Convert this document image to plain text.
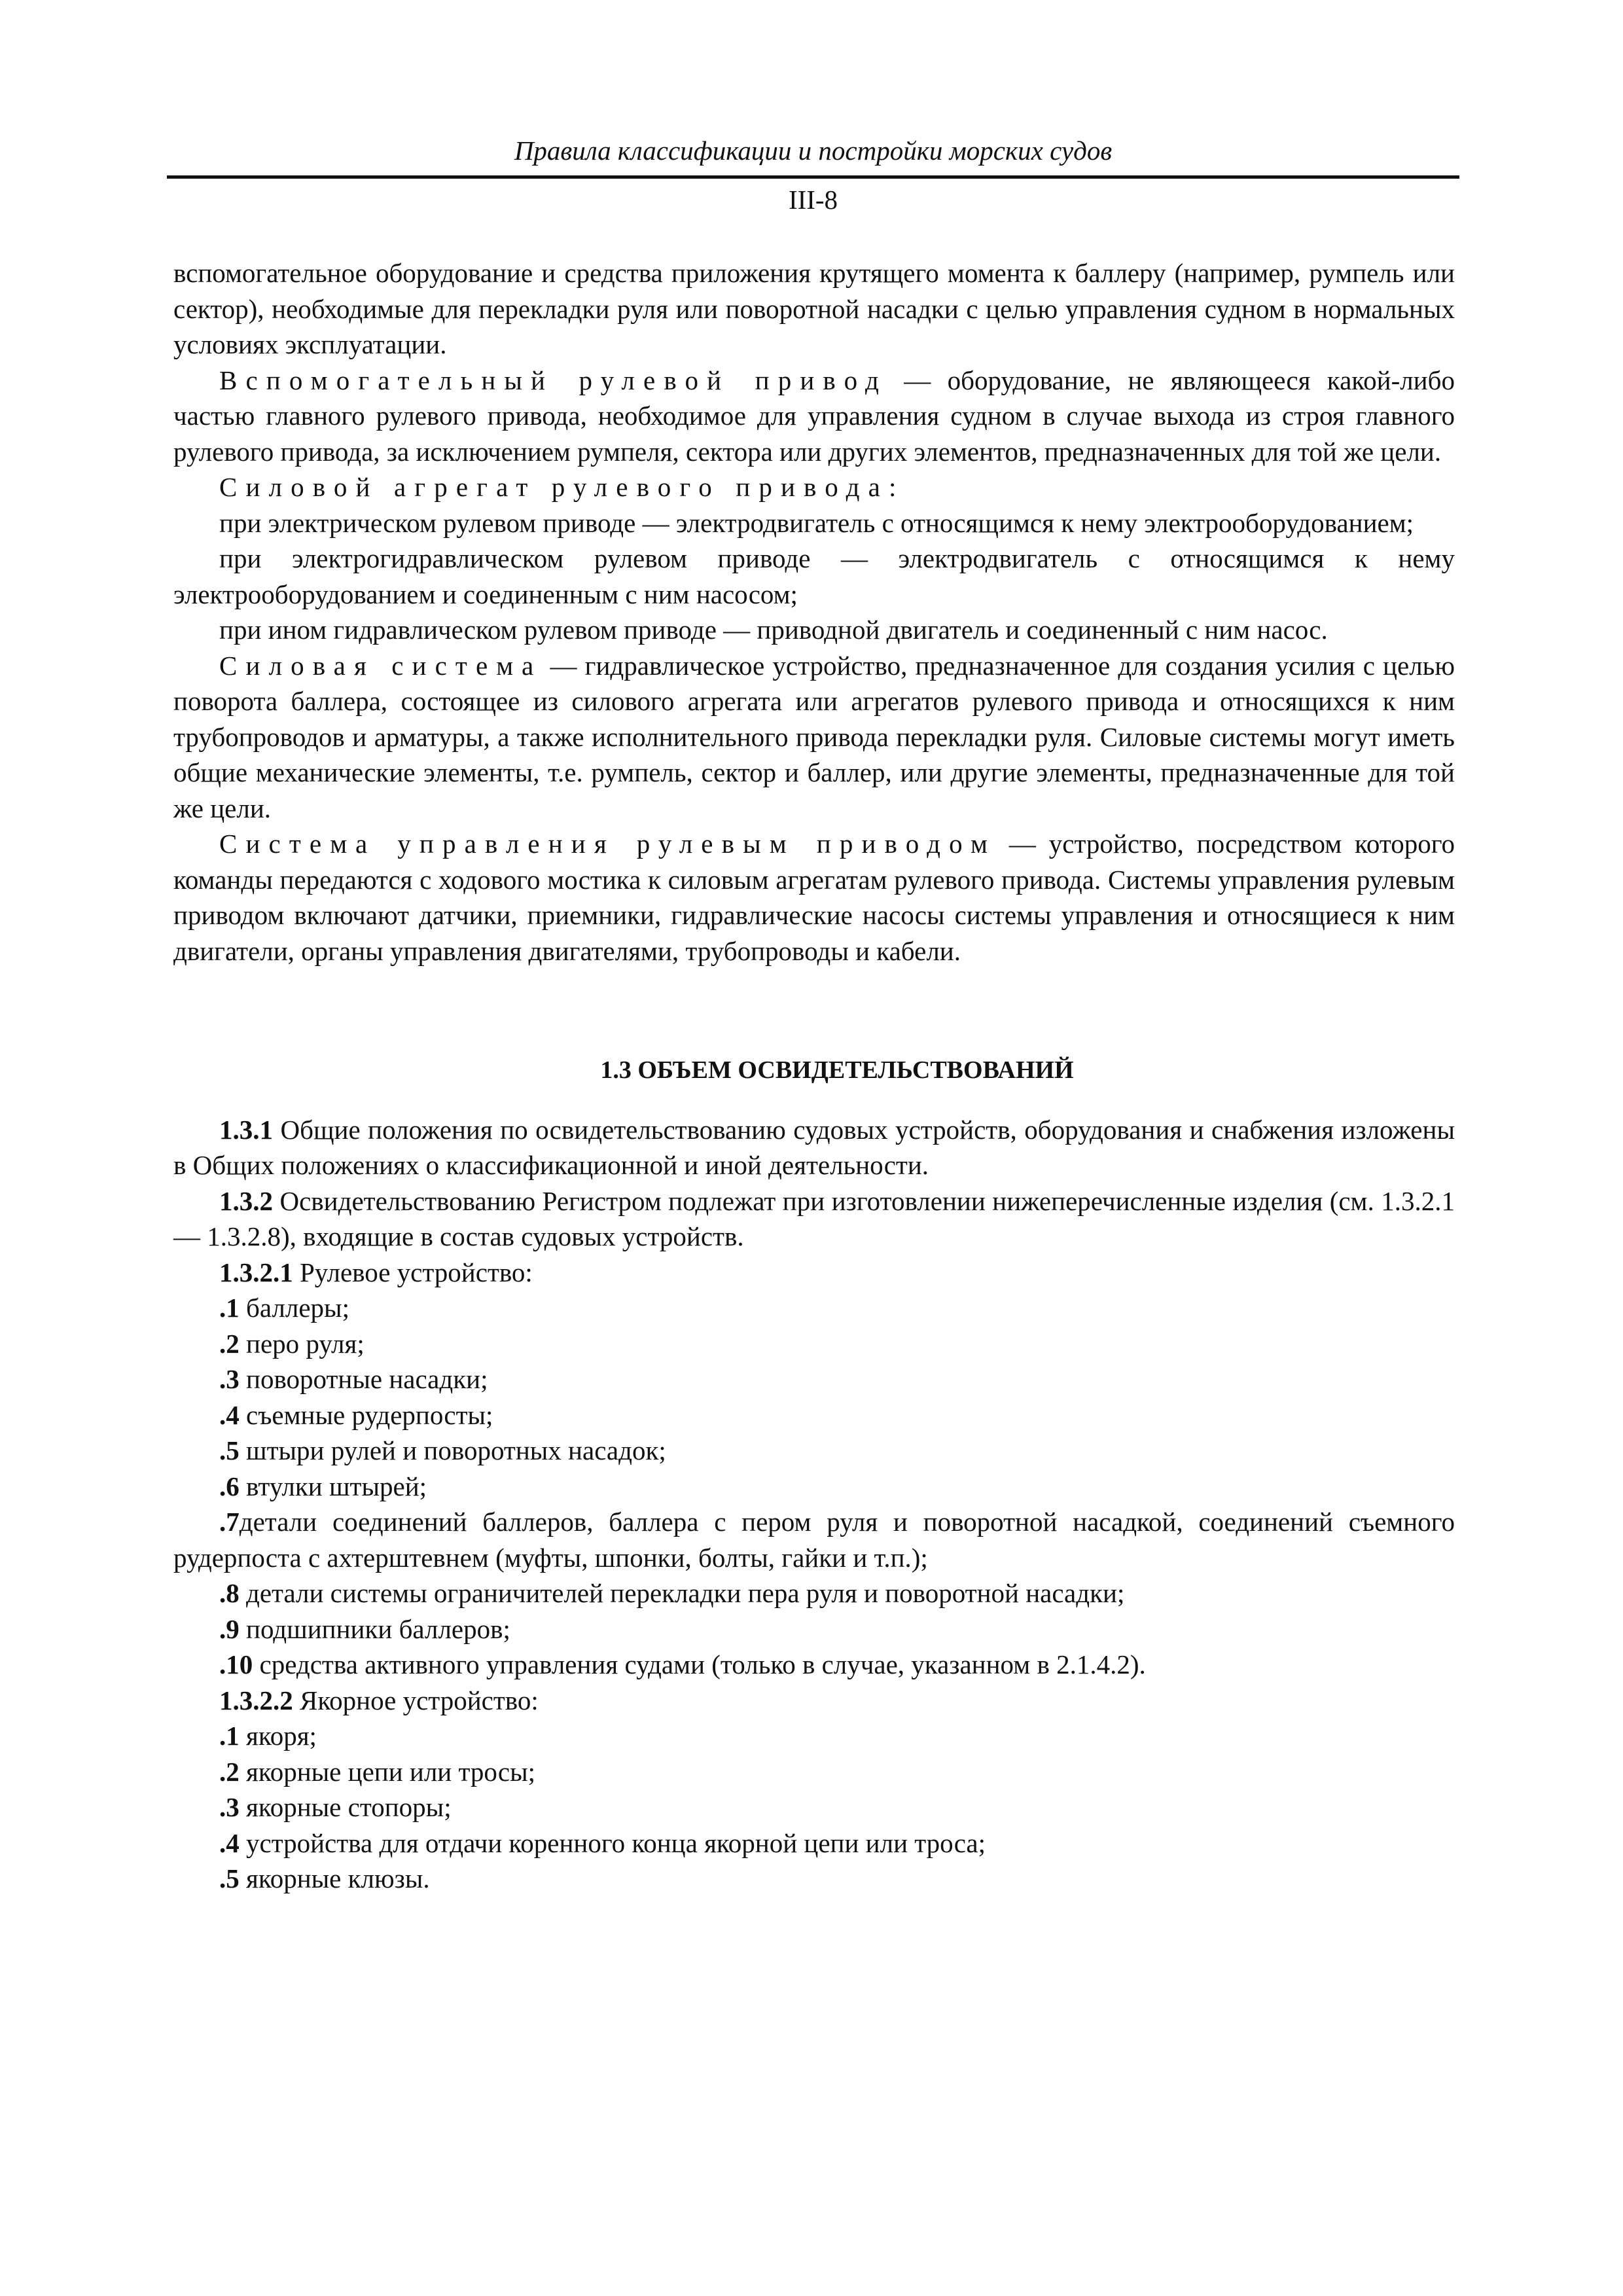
Правила классификации и постройки морских судов
III-8

вспомогательное оборудование и средства приложения крутящего момента к баллеру (например, румпель или сектор), необходимые для перекладки руля или поворотной насадки с целью управления судном в нормальных условиях эксплуатации.

Вспомогательный рулевой привод — оборудование, не являющееся какой-либо частью главного рулевого привода, необходимое для управления судном в случае выхода из строя главного рулевого привода, за исключением румпеля, сектора или других элементов, предназначенных для той же цели.

Силовой агрегат рулевого привода:

при электрическом рулевом приводе — электродвигатель с относящимся к нему электрооборудованием;

при электрогидравлическом рулевом приводе — электродвигатель с относящимся к нему электрооборудованием и соединенным с ним насосом;

при ином гидравлическом рулевом приводе — приводной двигатель и соединенный с ним насос.

Силовая система — гидравлическое устройство, предназначенное для создания усилия с целью поворота баллера, состоящее из силового агрегата или агрегатов рулевого привода и относящихся к ним трубопроводов и арматуры, а также исполнительного привода перекладки руля. Силовые системы могут иметь общие механические элементы, т.е. румпель, сектор и баллер, или другие элементы, предназначенные для той же цели.

Система управления рулевым приводом — устройство, посредством которого команды передаются с ходового мостика к силовым агрегатам рулевого привода. Системы управления рулевым приводом включают датчики, приемники, гидравлические насосы системы управления и относящиеся к ним двигатели, органы управления двигателями, трубопроводы и кабели.

1.3 ОБЪЕМ ОСВИДЕТЕЛЬСТВОВАНИЙ

1.3.1 Общие положения по освидетельствованию судовых устройств, оборудования и снабжения изложены в Общих положениях о классификационной и иной деятельности.

1.3.2 Освидетельствованию Регистром подлежат при изготовлении нижеперечисленные изделия (см. 1.3.2.1 — 1.3.2.8), входящие в состав судовых устройств.

1.3.2.1 Рулевое устройство:

.1 баллеры;

.2 перо руля;

.3 поворотные насадки;

.4 съемные рудерпосты;

.5 штыри рулей и поворотных насадок;

.6 втулки штырей;

.7детали соединений баллеров, баллера с пером руля и поворотной насадкой, соединений съемного рудерпоста с ахтерштевнем (муфты, шпонки, болты, гайки и т.п.);

.8 детали системы ограничителей перекладки пера руля и поворотной насадки;

.9 подшипники баллеров;

.10 средства активного управления судами (только в случае, указанном в 2.1.4.2).

1.3.2.2 Якорное устройство:

.1 якоря;

.2 якорные цепи или тросы;

.3 якорные стопоры;

.4 устройства для отдачи коренного конца якорной цепи или троса;

.5 якорные клюзы.
